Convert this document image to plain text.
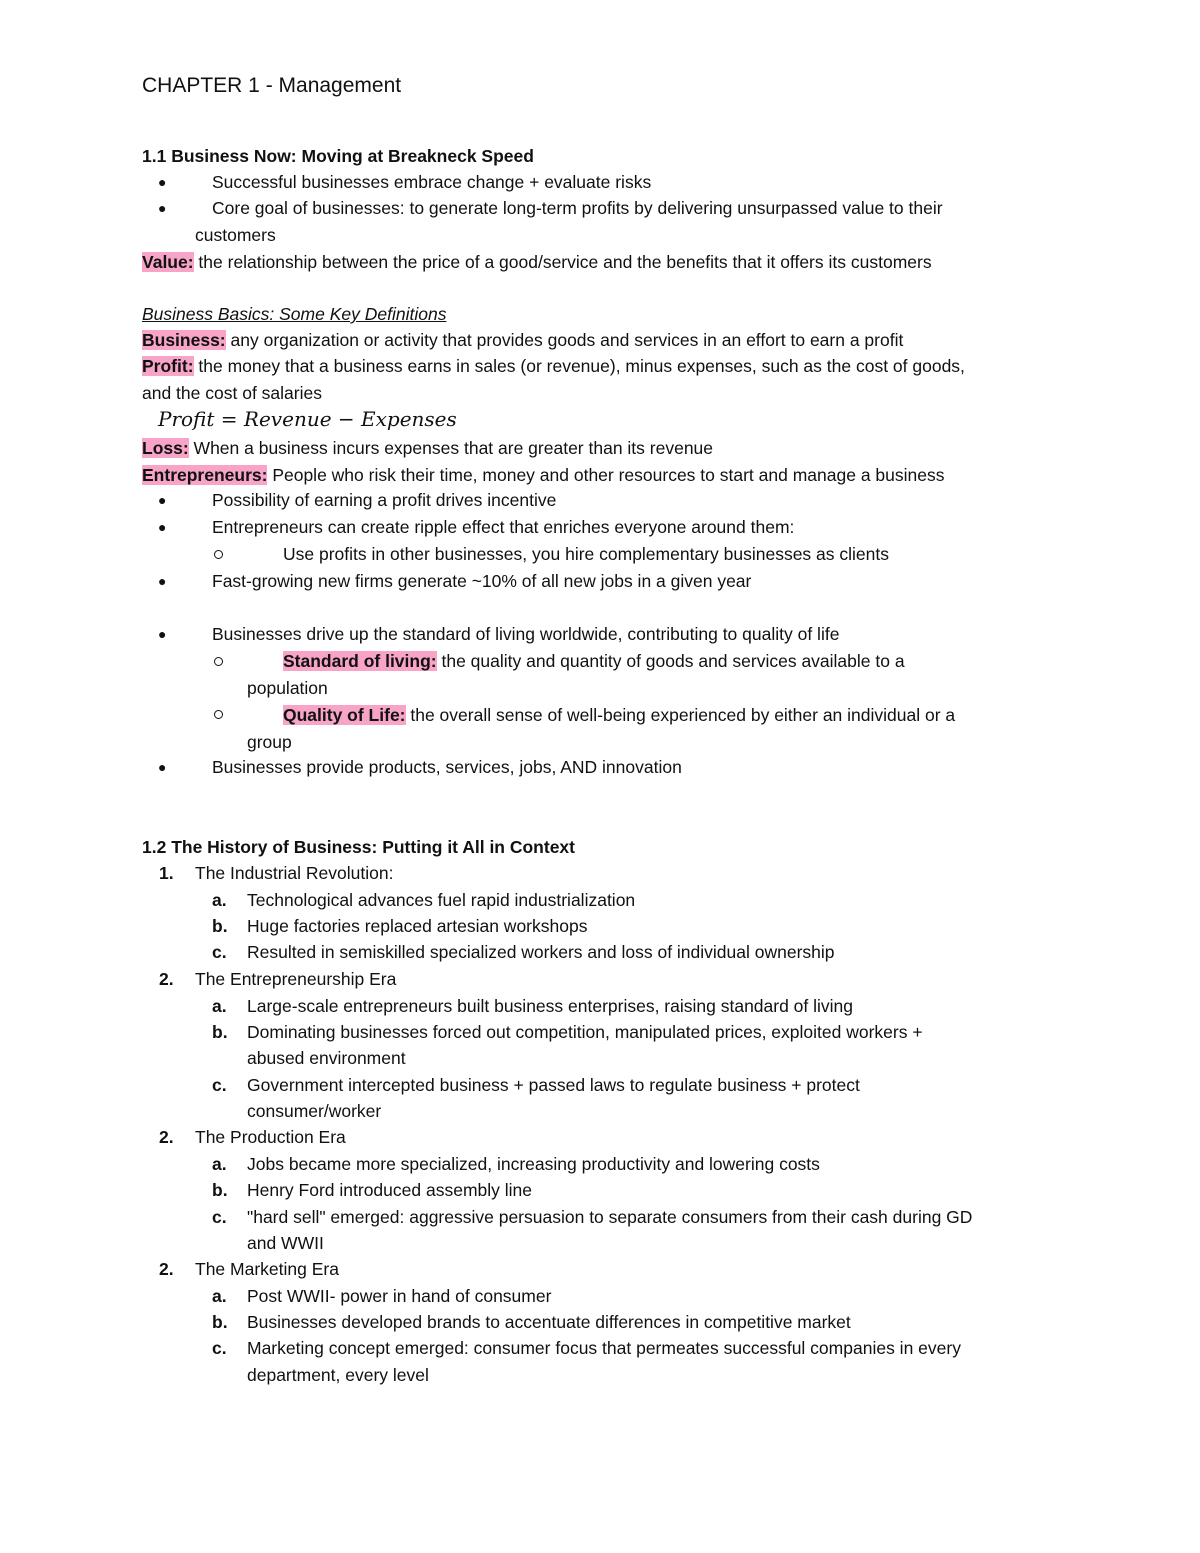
CHAPTER 1 - Management
1.1 Business Now: Moving at Breakneck Speed
●	Successful businesses embrace change + evaluate risks
●	Core goal of businesses: to generate long-term profits by delivering unsurpassed value to their
customers
Value: the relationship between the price of a good/service and the benefits that it offers its customers
Business Basics: Some Key Definitions
Business: any organization or activity that provides goods and services in an effort to earn a profit
Profit: the money that a business earns in sales (or revenue), minus expenses, such as the cost of goods,
and the cost of salaries
Profit = Revenue − Expenses
Loss: When a business incurs expenses that are greater than its revenue
Entrepreneurs: People who risk their time, money and other resources to start and manage a business
●	Possibility of earning a profit drives incentive
●	Entrepreneurs can create ripple effect that enriches everyone around them:
Use profits in other businesses, you hire complementary businesses as clients
●	Fast-growing new firms generate ~10% of all new jobs in a given year
●	Businesses drive up the standard of living worldwide, contributing to quality of life
Standard of living: the quality and quantity of goods and services available to a
population
Quality of Life: the overall sense of well-being experienced by either an individual or a
group
●	Businesses provide products, services, jobs, AND innovation
1.2 The History of Business: Putting it All in Context
1. The Industrial Revolution:
a. Technological advances fuel rapid industrialization
b. Huge factories replaced artesian workshops
c. Resulted in semiskilled specialized workers and loss of individual ownership
2. The Entrepreneurship Era
a. Large-scale entrepreneurs built business enterprises, raising standard of living
b. Dominating businesses forced out competition, manipulated prices, exploited workers +
abused environment
c. Government intercepted business + passed laws to regulate business + protect
consumer/worker
2. The Production Era
a. Jobs became more specialized, increasing productivity and lowering costs
b. Henry Ford introduced assembly line
c. "hard sell" emerged: aggressive persuasion to separate consumers from their cash during GD
and WWII
2. The Marketing Era
a. Post WWII- power in hand of consumer
b. Businesses developed brands to accentuate differences in competitive market
c. Marketing concept emerged: consumer focus that permeates successful companies in every
department, every level
